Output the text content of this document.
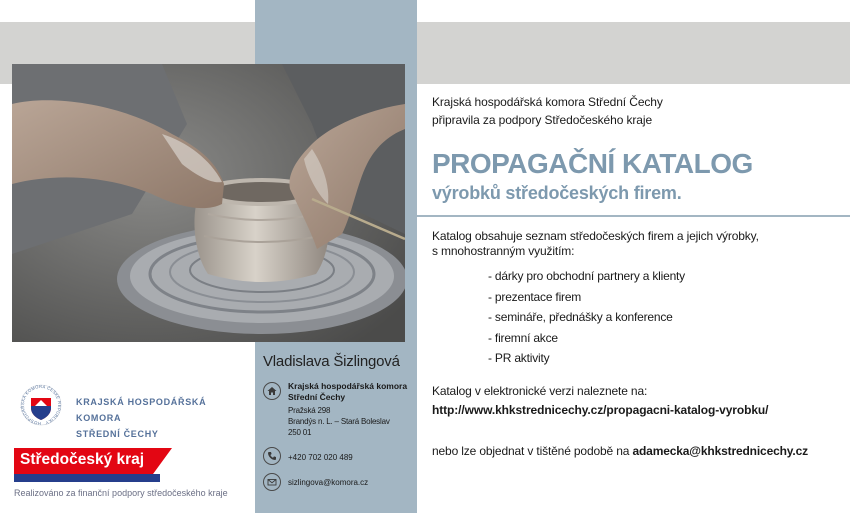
HOSPODÁŘSKÁ KOMORA ČESKÉ REPUBLIKY
KRAJSKÁ HOSPODÁŘSKÁ KOMORA
STŘEDNÍ ČECHY
Středočeský kraj
Realizováno za finanční podpory středočeského kraje
Vladislava Šizlingová
Krajská hospodářská komora
Střední Čechy
Pražská 298
Brandýs n. L. – Stará Boleslav
250 01
+420 702 020 489
sizlingova@komora.cz
Krajská hospodářská komora Střední Čechy
připravila za podpory Středočeského kraje
PROPAGAČNÍ KATALOG
výrobků středočeských firem.
Katalog obsahuje seznam středočeských firem a jejich výrobky,
s mnohostranným využitím:
- dárky pro obchodní partnery a klienty
- prezentace firem
- semináře, přednášky a konference
- firemní akce
- PR aktivity
Katalog v elektronické verzi naleznete na:
http://www.khkstrednicechy.cz/propagacni-katalog-vyrobku/
nebo lze objednat v tištěné podobě na adamecka@khkstrednicechy.cz
